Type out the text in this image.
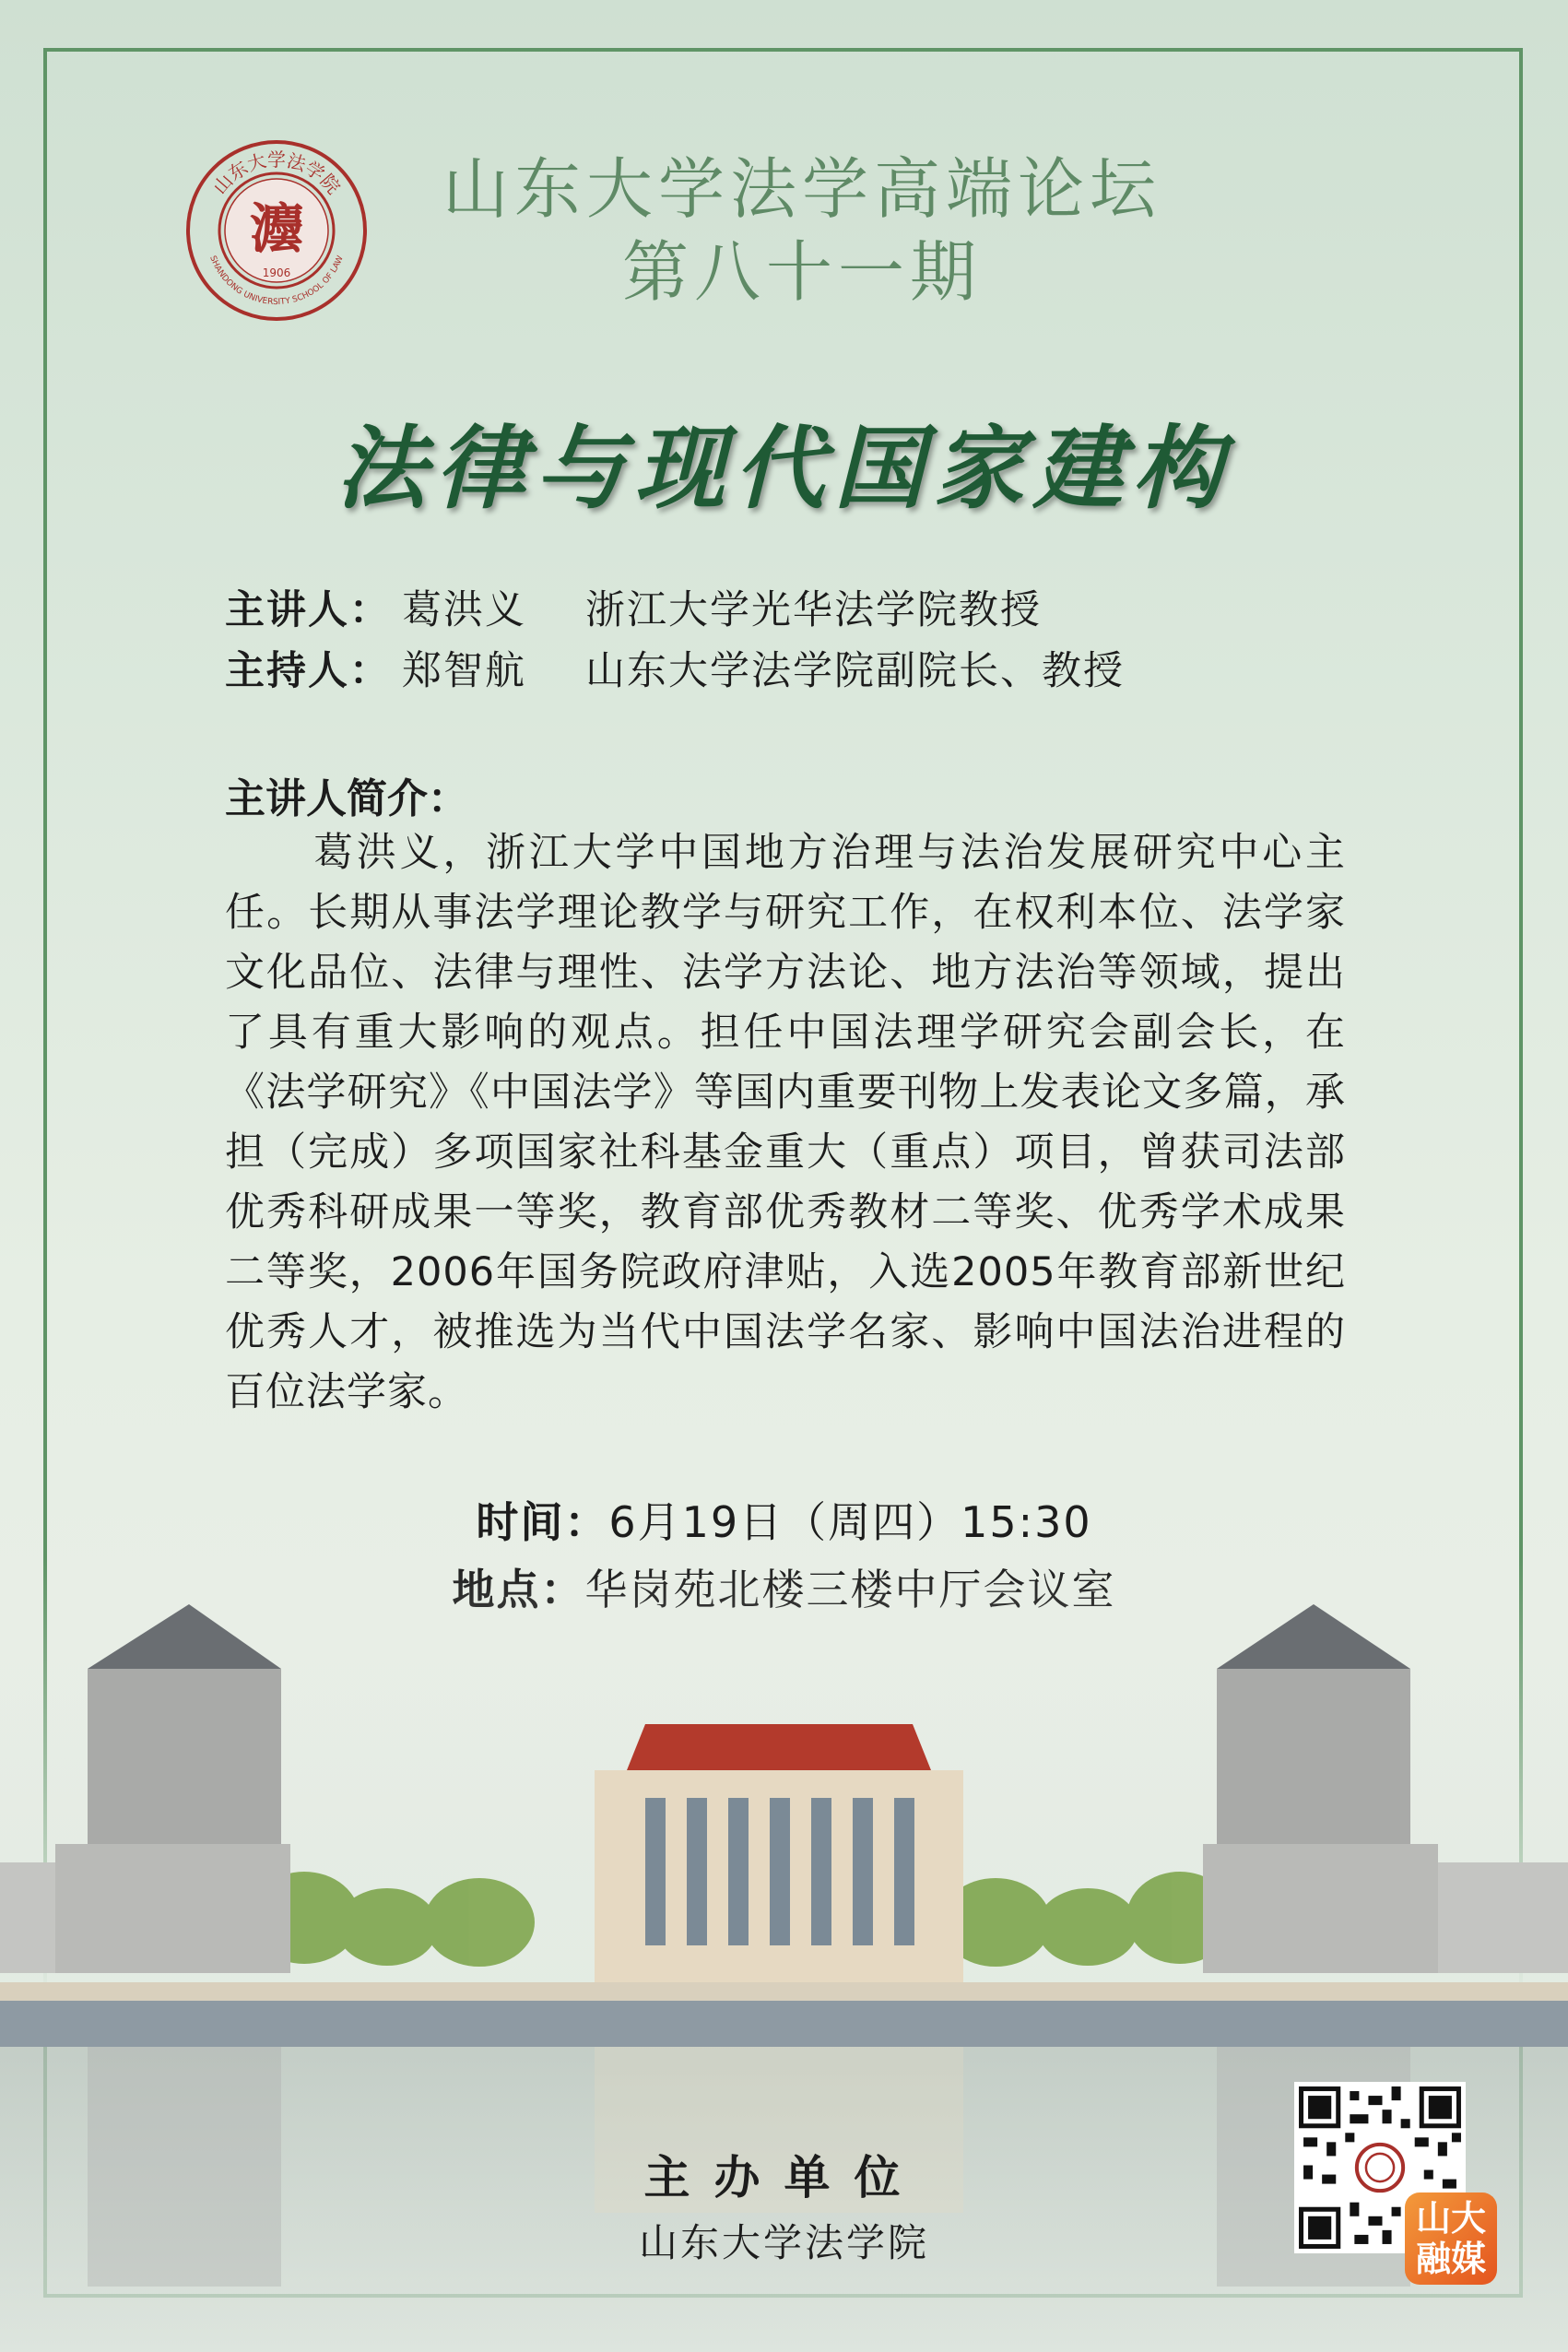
灋
1906
山东大学法学院
SHANDONG UNIVERSITY SCHOOL OF LAW
山东大学法学高端论坛
第八十一期
法律与现代国家建构
主讲人： 葛洪义 浙江大学光华法学院教授
主持人： 郑智航 山东大学法学院副院长、教授
主讲人简介：
葛洪义，浙江大学中国地方治理与法治发展研究中心主任。长期从事法学理论教学与研究工作，在权利本位、法学家文化品位、法律与理性、法学方法论、地方法治等领域，提出了具有重大影响的观点。担任中国法理学研究会副会长，在《法学研究》《中国法学》等国内重要刊物上发表论文多篇，承担（完成）多项国家社科基金重大（重点）项目，曾获司法部优秀科研成果一等奖，教育部优秀教材二等奖、优秀学术成果二等奖，2006年国务院政府津贴，入选2005年教育部新世纪优秀人才，被推选为当代中国法学名家、影响中国法治进程的百位法学家。
时间：6月19日（周四）15:30
主办单位
山东大学法学院
山大
融媒
